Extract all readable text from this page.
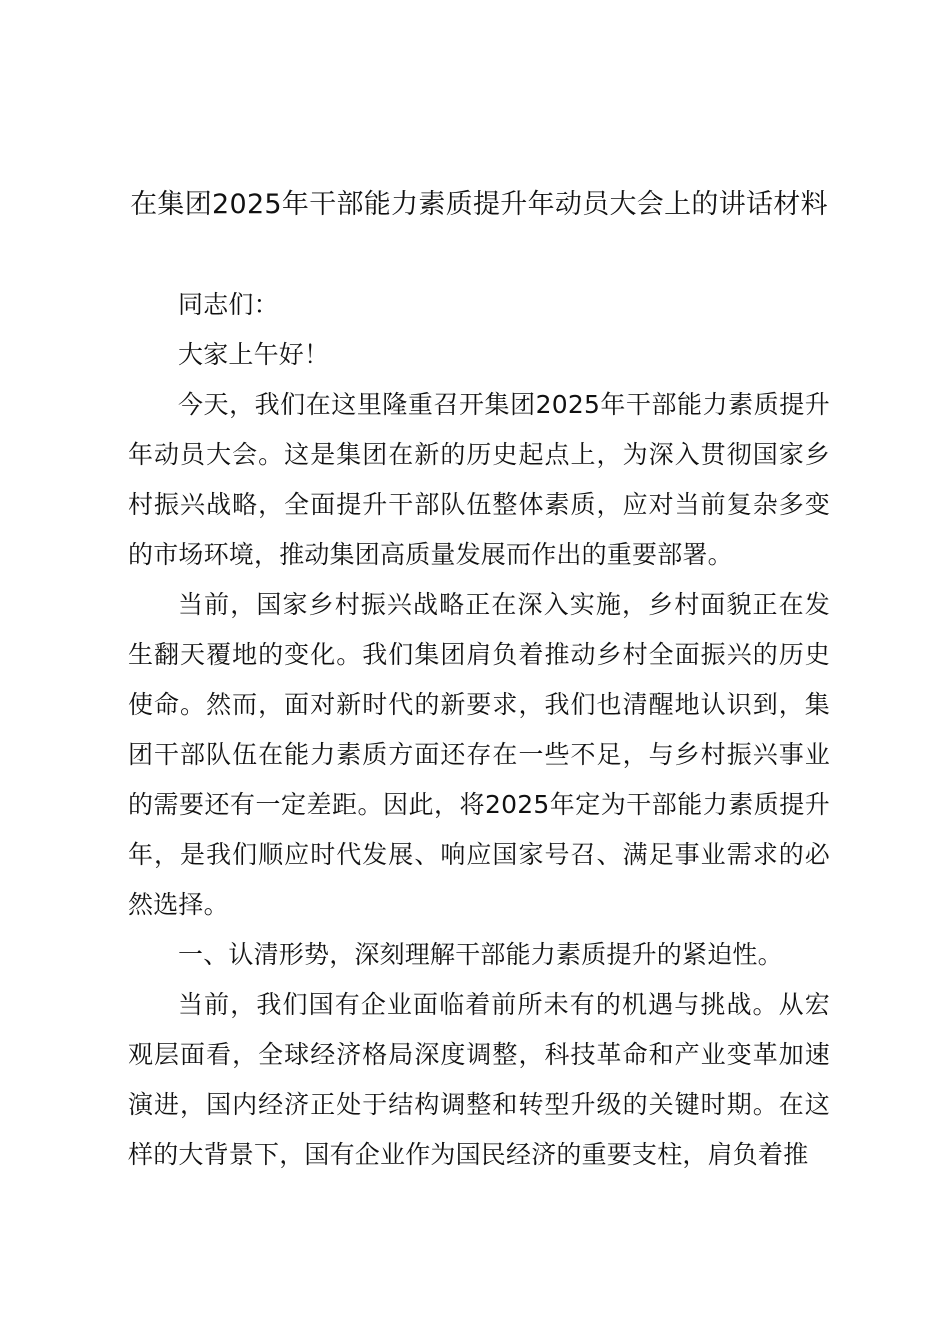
在集团2025年干部能力素质提升年动员大会上的讲话材料

同志们：

大家上午好！

今天，我们在这里隆重召开集团2025年干部能力素质提升年动员大会。这是集团在新的历史起点上，为深入贯彻国家乡村振兴战略，全面提升干部队伍整体素质，应对当前复杂多变的市场环境，推动集团高质量发展而作出的重要部署。

当前，国家乡村振兴战略正在深入实施，乡村面貌正在发生翻天覆地的变化。我们集团肩负着推动乡村全面振兴的历史使命。然而，面对新时代的新要求，我们也清醒地认识到，集团干部队伍在能力素质方面还存在一些不足，与乡村振兴事业的需要还有一定差距。因此，将2025年定为干部能力素质提升年，是我们顺应时代发展、响应国家号召、满足事业需求的必然选择。

一、认清形势，深刻理解干部能力素质提升的紧迫性。

当前，我们国有企业面临着前所未有的机遇与挑战。从宏观层面看，全球经济格局深度调整，科技革命和产业变革加速演进，国内经济正处于结构调整和转型升级的关键时期。在这样的大背景下，国有企业作为国民经济的重要支柱，肩负着推
